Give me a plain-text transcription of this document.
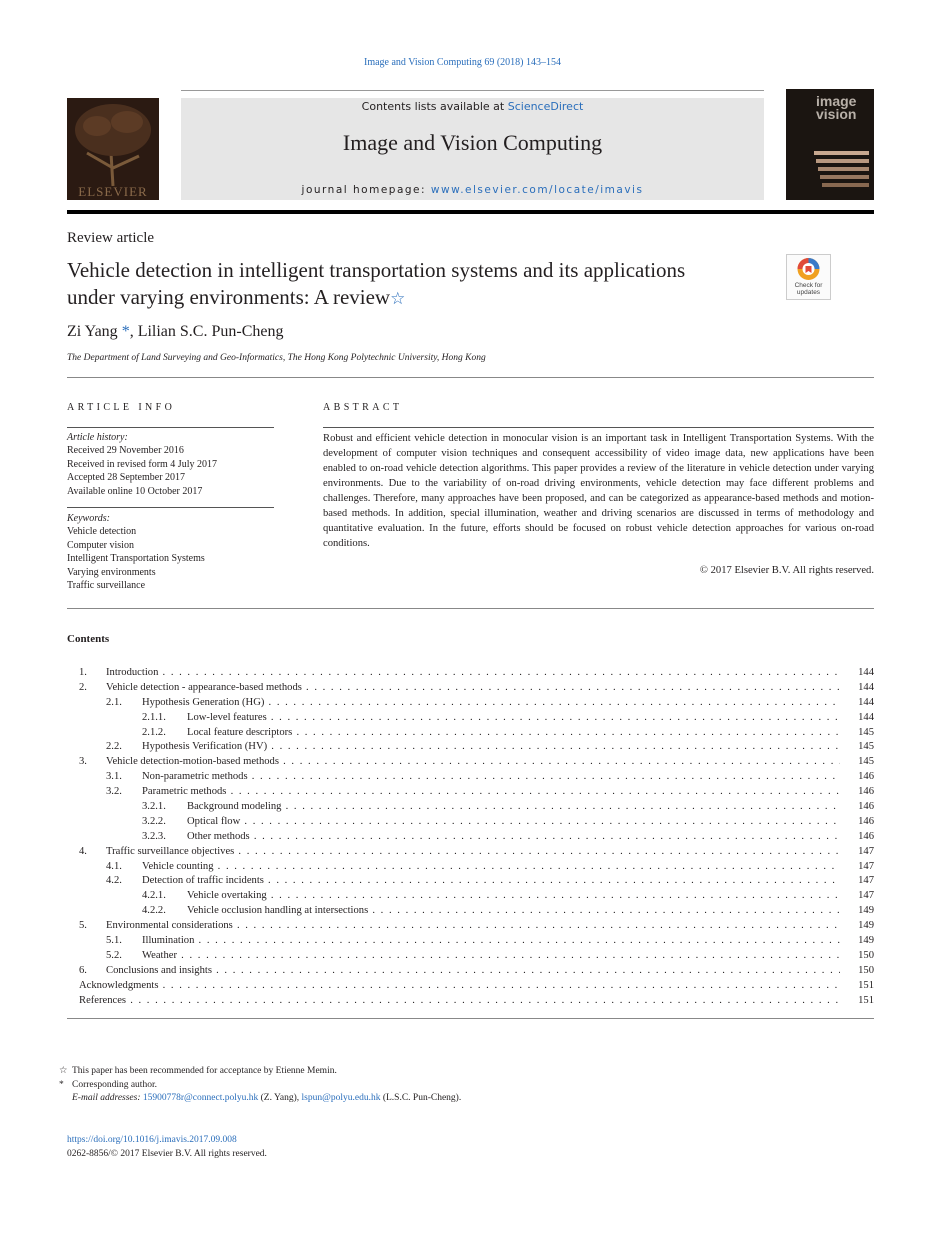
Image and Vision Computing 69 (2018) 143–154
ELSEVIER
Contents lists available at ScienceDirect
Image and Vision Computing
journal homepage: www.elsevier.com/locate/imavis
image vision
Review article
Vehicle detection in intelligent transportation systems and its applications under varying environments: A review☆
Check for updates
Zi Yang *, Lilian S.C. Pun-Cheng
The Department of Land Surveying and Geo-Informatics, The Hong Kong Polytechnic University, Hong Kong
ARTICLE INFO	ABSTRACT
Article history:
Received 29 November 2016
Received in revised form 4 July 2017
Accepted 28 September 2017
Available online 10 October 2017
Keywords:
Vehicle detection
Computer vision
Intelligent Transportation Systems
Varying environments
Traffic surveillance
Robust and efficient vehicle detection in monocular vision is an important task in Intelligent Transportation Systems. With the development of computer vision techniques and consequent accessibility of video image data, new applications have been enabled to on-road vehicle detection algorithms. This paper provides a review of the literature in vehicle detection under varying environments. Due to the variability of on-road driving environments, vehicle detection may face different problems and challenges. Therefore, many approaches have been proposed, and can be categorized as appearance-based methods and motion-based methods. In addition, special illumination, weather and driving scenarios are discussed in terms of methodology and quantitative evaluation. In the future, efforts should be focused on robust vehicle detection approaches for various on-road conditions.
© 2017 Elsevier B.V. All rights reserved.
Contents
1. Introduction . . .	144
2. Vehicle detection - appearance-based methods . . .	144
2.1. Hypothesis Generation (HG) . . .	144
2.1.1. Low-level features . . .	144
2.1.2. Local feature descriptors . . .	145
2.2. Hypothesis Verification (HV) . . .	145
3. Vehicle detection-motion-based methods . . .	145
3.1. Non-parametric methods . . .	146
3.2. Parametric methods . . .	146
3.2.1. Background modeling . . .	146
3.2.2. Optical flow . . .	146
3.2.3. Other methods . . .	146
4. Traffic surveillance objectives . . .	147
4.1. Vehicle counting . . .	147
4.2. Detection of traffic incidents . . .	147
4.2.1. Vehicle overtaking . . .	147
4.2.2. Vehicle occlusion handling at intersections . . .	149
5. Environmental considerations . . .	149
5.1. Illumination . . .	149
5.2. Weather . . .	150
6. Conclusions and insights . . .	150
Acknowledgments . . .	151
References . . .	151
☆ This paper has been recommended for acceptance by Etienne Memin.
* Corresponding author.
E-mail addresses: 15900778r@connect.polyu.hk (Z. Yang), lspun@polyu.edu.hk (L.S.C. Pun-Cheng).
https://doi.org/10.1016/j.imavis.2017.09.008
0262-8856/© 2017 Elsevier B.V. All rights reserved.
